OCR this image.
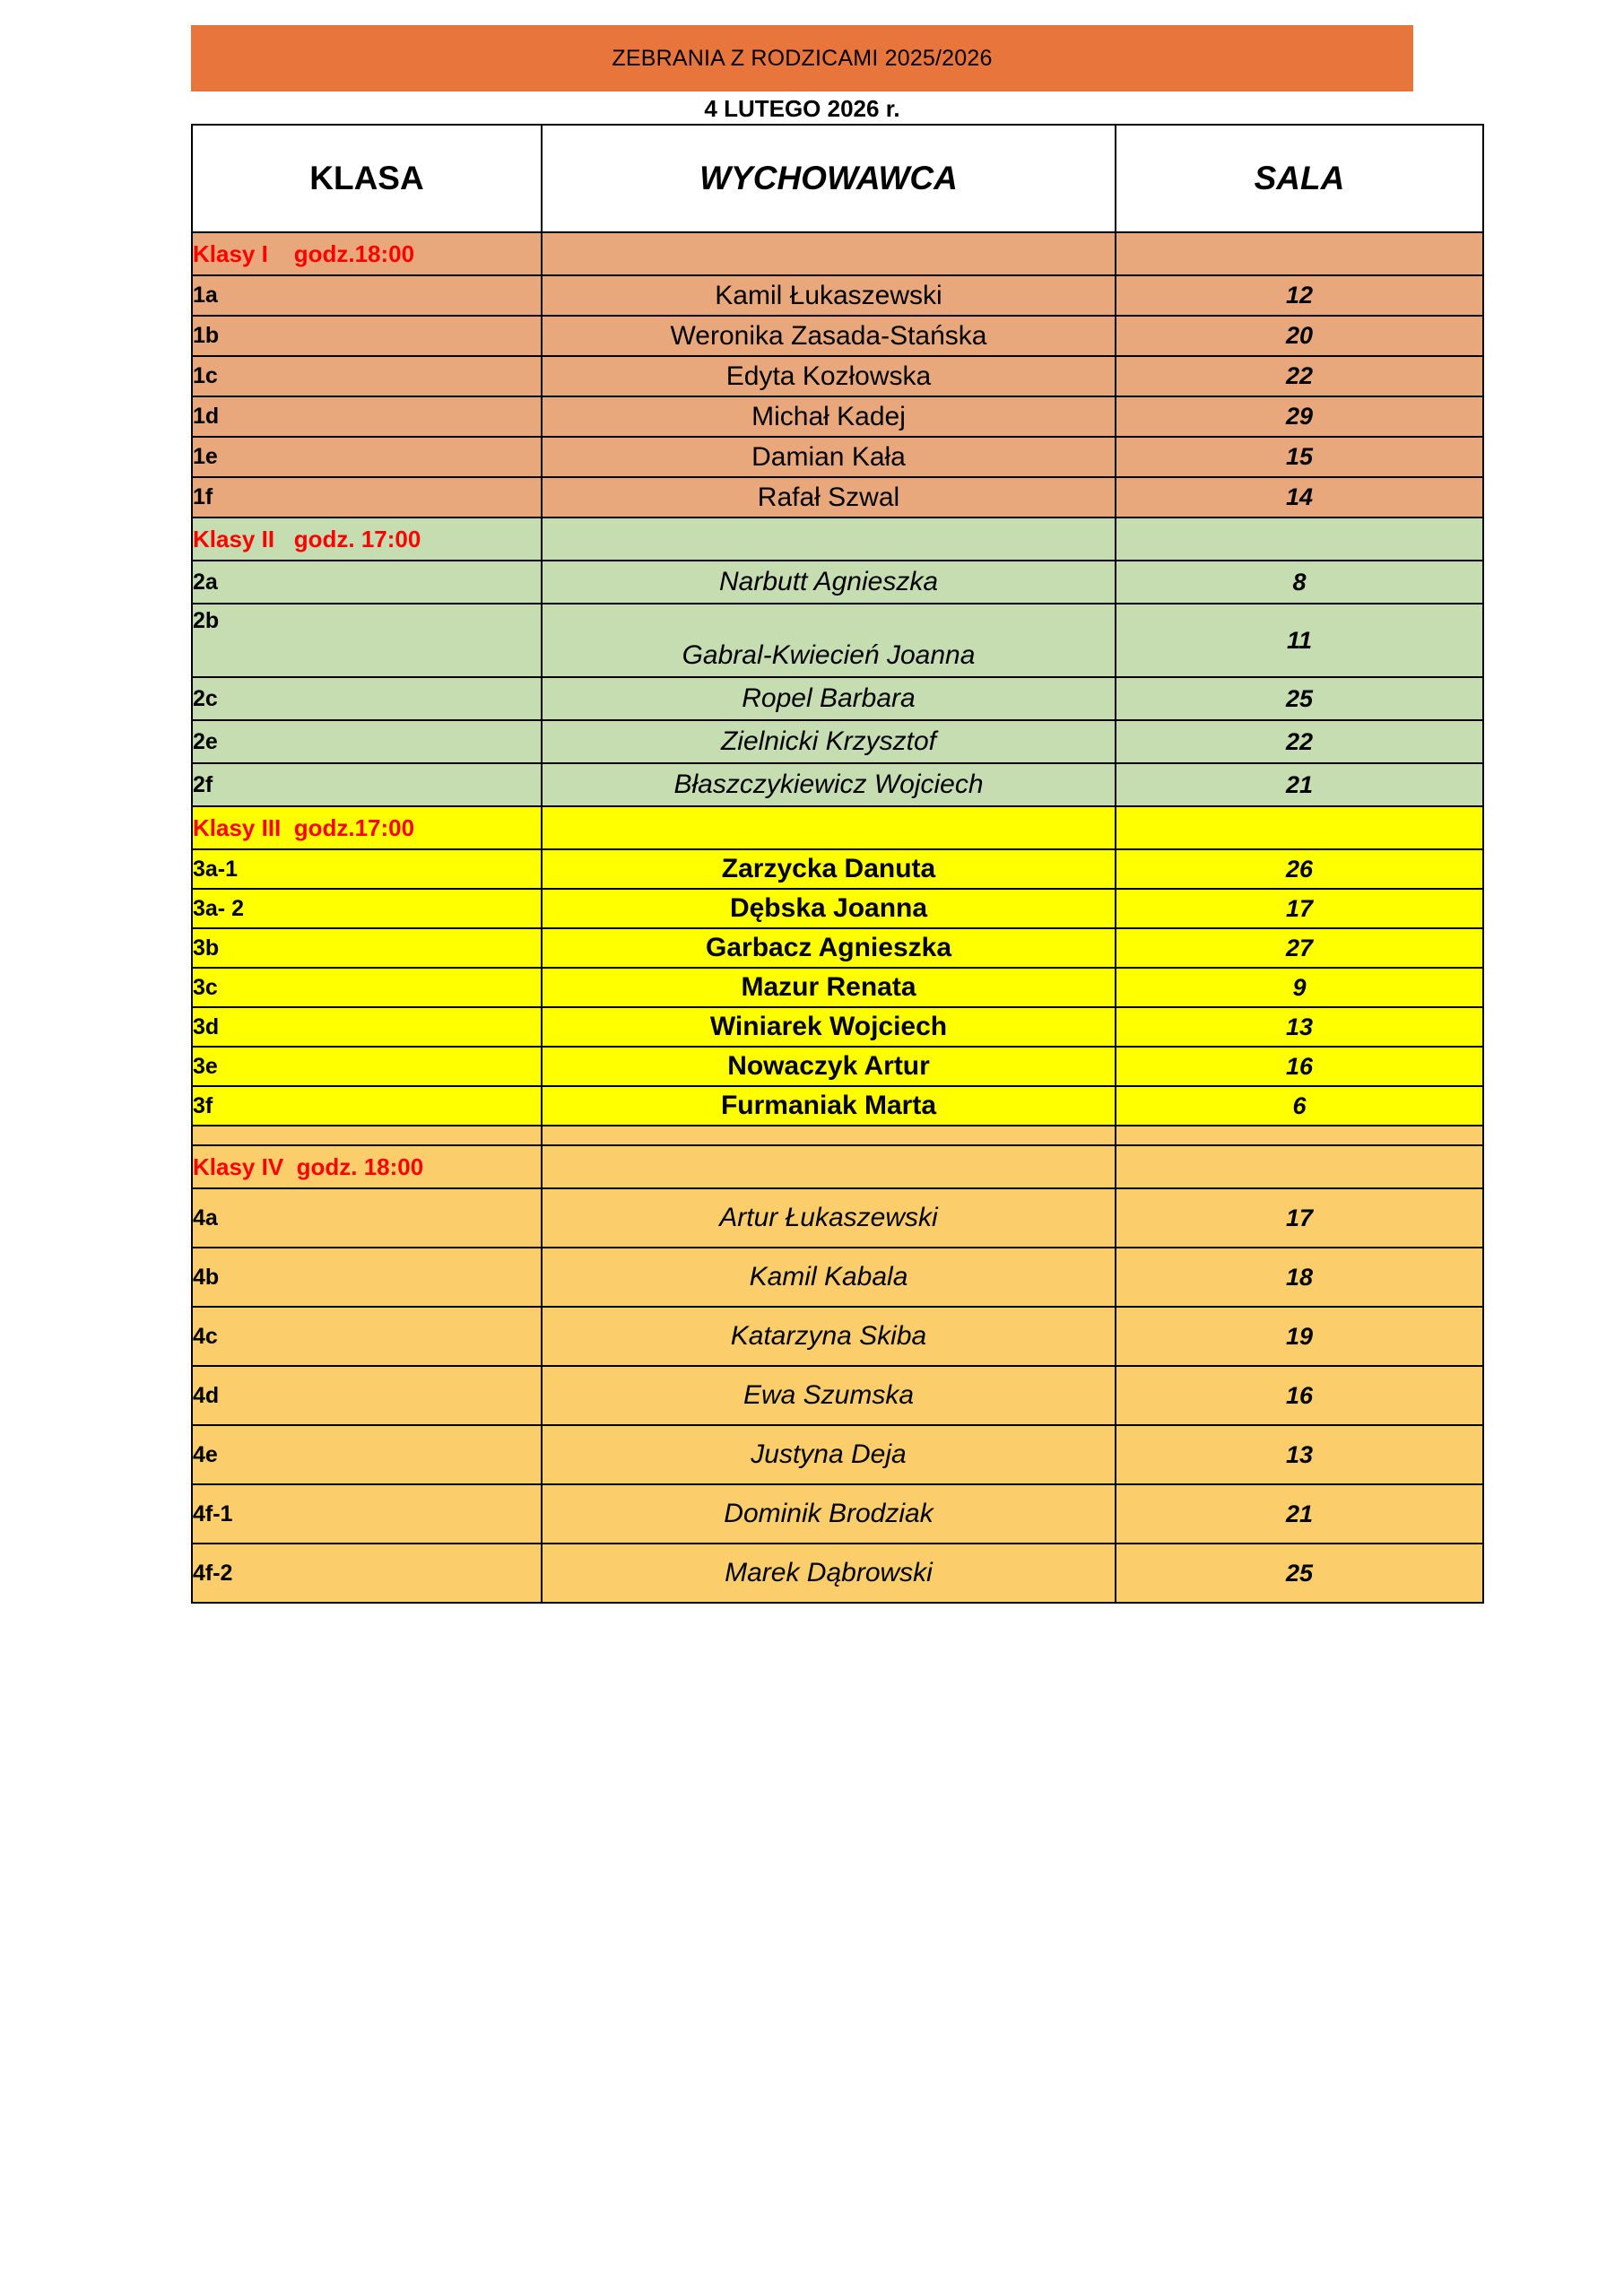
ZEBRANIA Z RODZICAMI 2025/2026
4 LUTEGO 2026 r.
KLASA	WYCHOWAWCA	SALA
Klasy I    godz.18:00		
1a	Kamil Łukaszewski	12
1b	Weronika Zasada-Stańska	20
1c	Edyta Kozłowska	22
1d	Michał Kadej	29
1e	Damian Kała	15
1f	Rafał Szwal	14
Klasy II   godz. 17:00		
2a	Narbutt Agnieszka	8
2b	Gabral-Kwiecień Joanna	11
2c	Ropel Barbara	25
2e	Zielnicki Krzysztof	22
2f	Błaszczykiewicz Wojciech	21
Klasy III  godz.17:00		
3a-1	Zarzycka Danuta	26
3a- 2	Dębska Joanna	17
3b	Garbacz Agnieszka	27
3c	Mazur Renata	9
3d	Winiarek Wojciech	13
3e	Nowaczyk Artur	16
3f	Furmaniak Marta	6

Klasy IV  godz. 18:00		
4a	Artur Łukaszewski	17
4b	Kamil Kabala	18
4c	Katarzyna Skiba	19
4d	Ewa Szumska	16
4e	Justyna Deja	13
4f-1	Dominik Brodziak	21
4f-2	Marek Dąbrowski	25
